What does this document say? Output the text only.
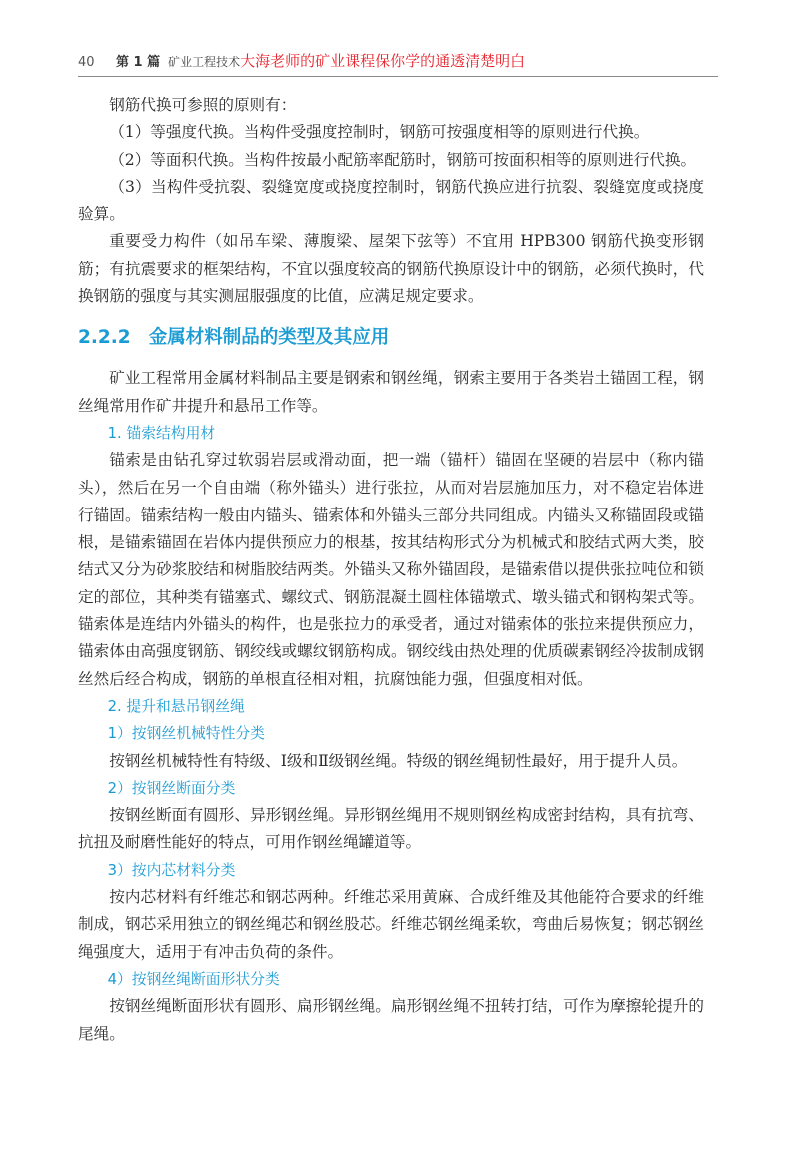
40 第 1 篇 矿业工程技术大海老师的矿业课程保你学的通透清楚明白

钢筋代换可参照的原则有：

（1）等强度代换。当构件受强度控制时，钢筋可按强度相等的原则进行代换。

（2）等面积代换。当构件按最小配筋率配筋时，钢筋可按面积相等的原则进行代换。

（3）当构件受抗裂、裂缝宽度或挠度控制时，钢筋代换应进行抗裂、裂缝宽度或挠度验算。

重要受力构件（如吊车梁、薄腹梁、屋架下弦等）不宜用 HPB300 钢筋代换变形钢筋；有抗震要求的框架结构，不宜以强度较高的钢筋代换原设计中的钢筋，必须代换时，代换钢筋的强度与其实测屈服强度的比值，应满足规定要求。

2.2.2 金属材料制品的类型及其应用

矿业工程常用金属材料制品主要是钢索和钢丝绳，钢索主要用于各类岩土锚固工程，钢丝绳常用作矿井提升和悬吊工作等。

1. 锚索结构用材

锚索是由钻孔穿过软弱岩层或滑动面，把一端（锚杆）锚固在坚硬的岩层中（称内锚头），然后在另一个自由端（称外锚头）进行张拉，从而对岩层施加压力，对不稳定岩体进行锚固。锚索结构一般由内锚头、锚索体和外锚头三部分共同组成。内锚头又称锚固段或锚根，是锚索锚固在岩体内提供预应力的根基，按其结构形式分为机械式和胶结式两大类，胶结式又分为砂浆胶结和树脂胶结两类。外锚头又称外锚固段，是锚索借以提供张拉吨位和锁定的部位，其种类有锚塞式、螺纹式、钢筋混凝土圆柱体锚墩式、墩头锚式和钢构架式等。锚索体是连结内外锚头的构件，也是张拉力的承受者，通过对锚索体的张拉来提供预应力，锚索体由高强度钢筋、钢绞线或螺纹钢筋构成。钢绞线由热处理的优质碳素钢经冷拔制成钢丝然后经合构成，钢筋的单根直径相对粗，抗腐蚀能力强，但强度相对低。

2. 提升和悬吊钢丝绳
1）按钢丝机械特性分类

按钢丝机械特性有特级、Ⅰ级和Ⅱ级钢丝绳。特级的钢丝绳韧性最好，用于提升人员。

2）按钢丝断面分类

按钢丝断面有圆形、异形钢丝绳。异形钢丝绳用不规则钢丝构成密封结构，具有抗弯、抗扭及耐磨性能好的特点，可用作钢丝绳罐道等。

3）按内芯材料分类

按内芯材料有纤维芯和钢芯两种。纤维芯采用黄麻、合成纤维及其他能符合要求的纤维制成，钢芯采用独立的钢丝绳芯和钢丝股芯。纤维芯钢丝绳柔软，弯曲后易恢复；钢芯钢丝绳强度大，适用于有冲击负荷的条件。

4）按钢丝绳断面形状分类

按钢丝绳断面形状有圆形、扁形钢丝绳。扁形钢丝绳不扭转打结，可作为摩擦轮提升的尾绳。
